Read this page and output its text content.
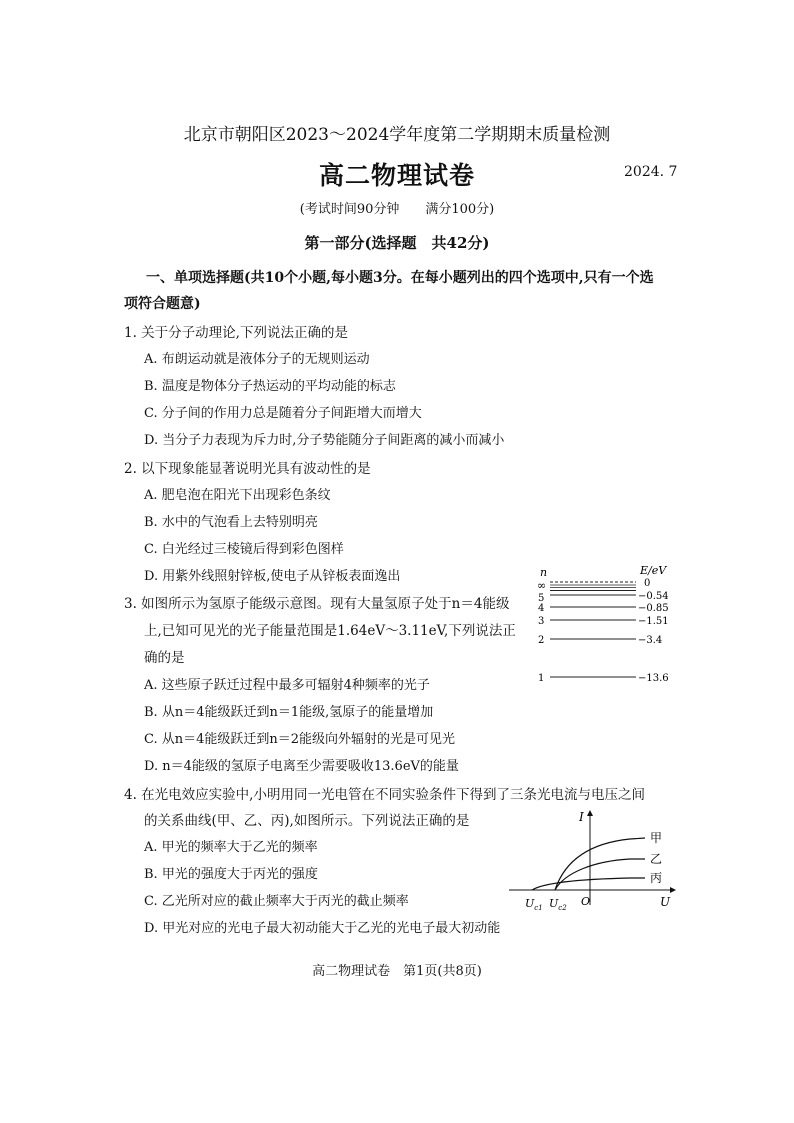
北京市朝阳区2023～2024学年度第二学期期末质量检测
高二物理试卷	2024. 7
(考试时间90分钟　　满分100分)
第一部分(选择题　共42分)
一、单项选择题(共10个小题,每小题3分。在每小题列出的四个选项中,只有一个选
项符合题意)
1. 关于分子动理论,下列说法正确的是
A. 布朗运动就是液体分子的无规则运动
B. 温度是物体分子热运动的平均动能的标志
C. 分子间的作用力总是随着分子间距增大而增大
D. 当分子力表现为斥力时,分子势能随分子间距离的减小而减小
2. 以下现象能显著说明光具有波动性的是
A. 肥皂泡在阳光下出现彩色条纹
B. 水中的气泡看上去特别明亮
C. 白光经过三棱镜后得到彩色图样
D. 用紫外线照射锌板,使电子从锌板表面逸出
3. 如图所示为氢原子能级示意图。现有大量氢原子处于n＝4能级
上,已知可见光的光子能量范围是1.64eV～3.11eV,下列说法正
确的是
A. 这些原子跃迁过程中最多可辐射4种频率的光子
B. 从n＝4能级跃迁到n＝1能级,氢原子的能量增加
C. 从n＝4能级跃迁到n＝2能级向外辐射的光是可见光
D. n＝4能级的氢原子电离至少需要吸收13.6eV的能量
n	E/eV
∞
5
4
3
2
1
0
−0.54
−0.85
−1.51
−3.4
−13.6
4. 在光电效应实验中,小明用同一光电管在不同实验条件下得到了三条光电流与电压之间
的关系曲线(甲、乙、丙),如图所示。下列说法正确的是
A. 甲光的频率大于乙光的频率
B. 甲光的强度大于丙光的强度
C. 乙光所对应的截止频率大于丙光的截止频率
D. 甲光对应的光电子最大初动能大于乙光的光电子最大初动能
I
U
O
$U_{c1}$ $U_{c2}$
甲
乙
丙
高二物理试卷　第1页(共8页)
